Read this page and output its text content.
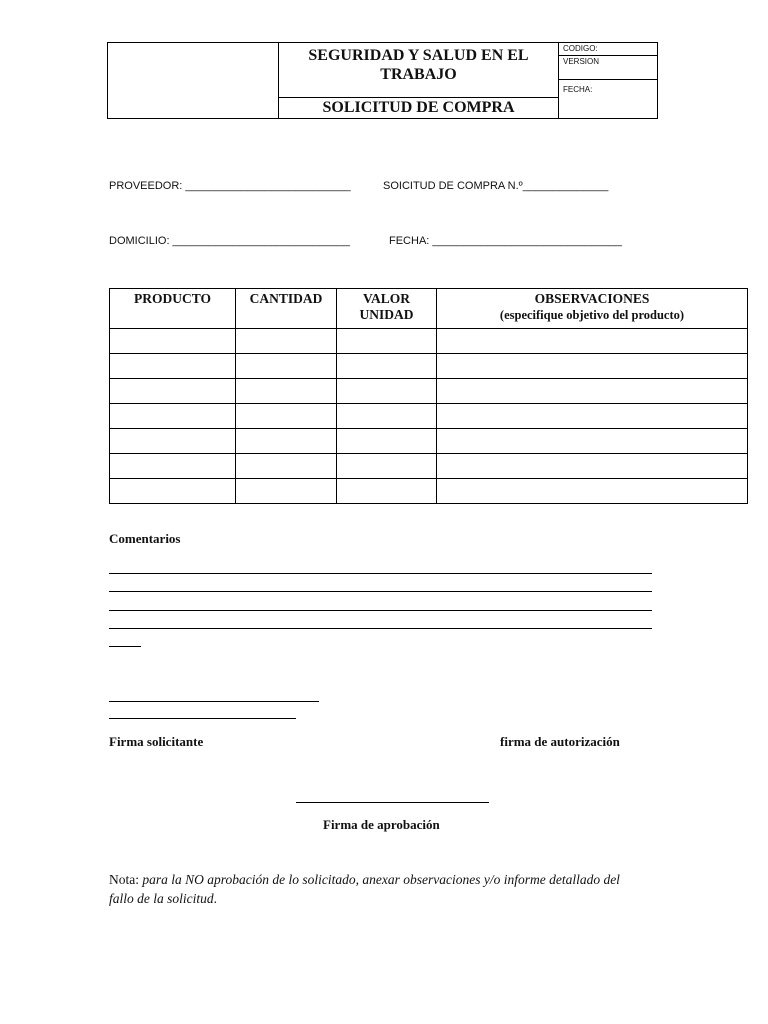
SEGURIDAD Y SALUD EN EL TRABAJO
SOLICITUD DE COMPRA
CODIGO:
VERSION
FECHA:
PROVEEDOR: ___________________________	SOICITUD DE COMPRA N.º______________
DOMICILIO: _____________________________	FECHA: _______________________________
PRODUCTO	CANTIDAD	VALOR UNIDAD	OBSERVACIONES
(especifique objetivo del producto)

Comentarios
Firma solicitante	firma de autorización
Firma de aprobación
Nota: para la NO aprobación de lo solicitado, anexar observaciones y/o informe detallado del fallo de la solicitud.
